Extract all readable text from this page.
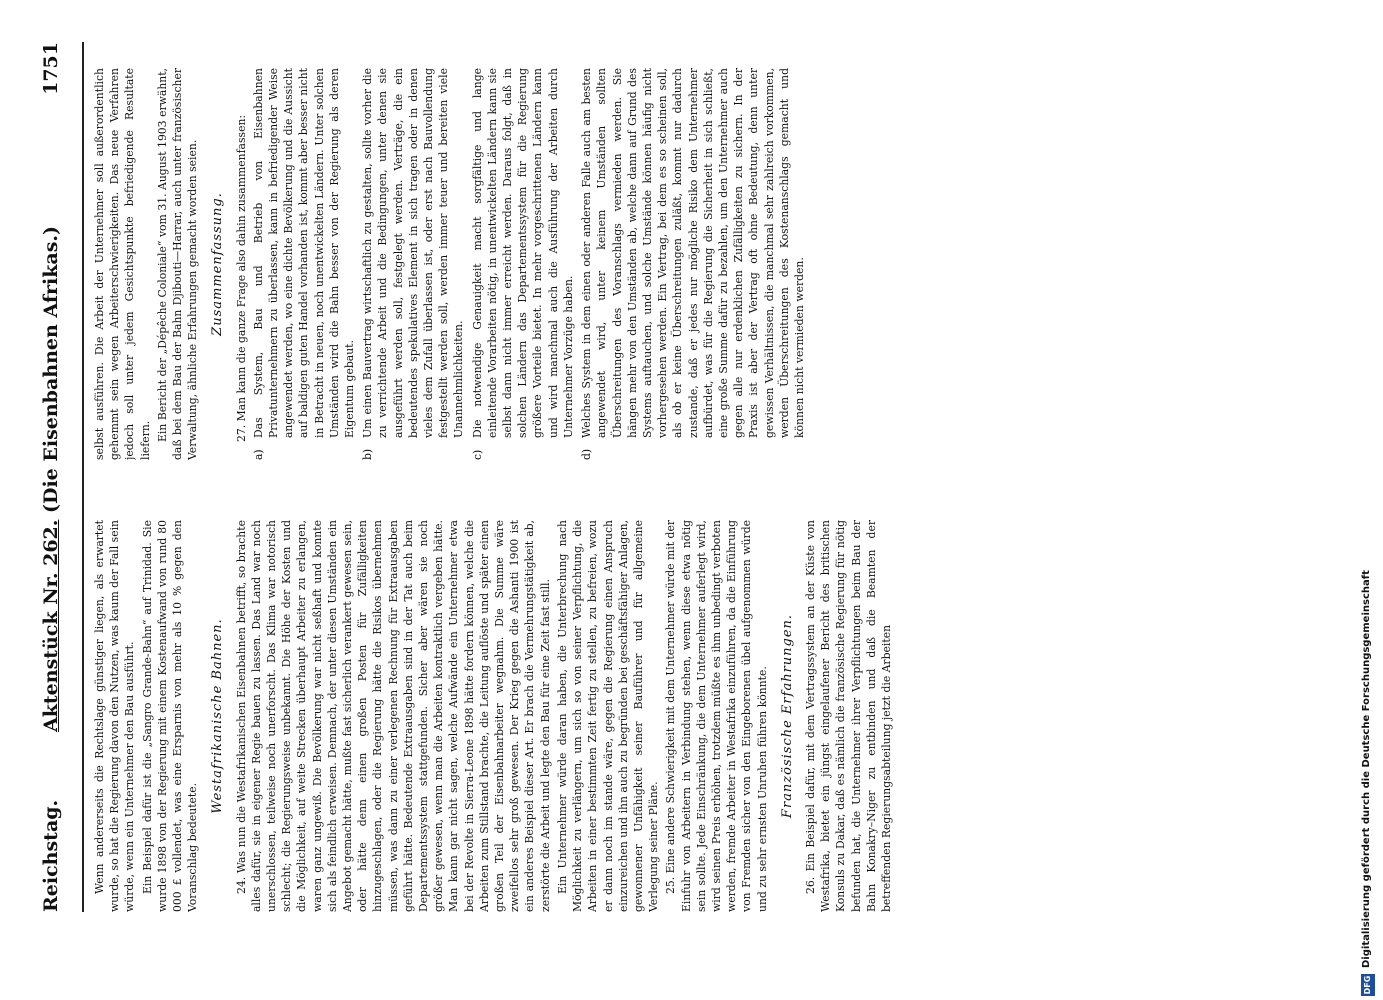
Reichstag.
Aktenstück Nr. 262. (Die Eisenbahnen Afrikas.)
1751

Wenn andererseits die Rechtslage günstiger liegen, als erwartet wurde, so hat die Regierung davon den Nutzen, was kaum der Fall sein würde, wenn ein Unternehmer den Bau ausführt. Ein Beispiel dafür ist die „Sangro Grande-Bahn“ auf Trinidad. Sie wurde 1898 von der Regierung mit einem Kostenaufwand von rund 80 000 £ vollendet, was eine Ersparnis von mehr als 10 % gegen den Voranschlag bedeutete.

Westafrikanische Bahnen. 24. Was nun die Westafrikanischen Eisenbahnen betrifft, so brachte alles dafür, sie in eigener Regie bauen zu lassen. Das Land war noch unerschlossen, teilweise noch unerforscht. Das Klima war notorisch schlecht; die Regierungsweise unbekannt. Die Höhe der Kosten und die Möglichkeit, auf weite Strecken überhaupt Arbeiter zu erlangen, waren ganz ungewiß. Die Bevölkerung war nicht seßhaft und konnte sich als feindlich erweisen. Demnach, der unter diesen Umständen ein Angebot gemacht hätte, mußte fast sicherlich verankert gewesen sein, oder hätte denn einen großen Posten für Zufälligkeiten hinzugeschlagen, oder die Regierung hätte die Risikos übernehmen müssen, was dann zu einer verlegenen Rechnung für Extraausgaben geführt hätte. Bedeutende Extraausgaben sind in der Tat auch beim Departementssystem stattgefunden. Sicher aber wären sie noch größer gewesen, wenn man die Arbeiten kontraktlich vergeben hätte. Man kann gar nicht sagen, welche Aufwände ein Unternehmer etwa bei der Revolte in Sierra-Leone 1898 hätte fordern können, welche die Arbeiten zum Stillstand brachte, die Leitung auflöste und später einen großen Teil der Eisenbahnarbeiter wegnahm. Die Summe wäre zweifellos sehr groß gewesen. Der Krieg gegen die Ashanti 1900 ist ein anderes Beispiel dieser Art. Er brach die Vermehrungstätigkeit ab, zerstörte die Arbeit und legte den Bau für eine Zeit fast still. Ein Unternehmer würde daran haben, die Unterbrechung nach Möglichkeit zu verlängern, um sich so von seiner Verpflichtung, die Arbeiten in einer bestimmten Zeit fertig zu stellen, zu befreien, wozu er dann noch im stande wäre, gegen die Regierung einen Anspruch einzureichen und ihn auch zu begründen bei geschäftsfähiger Anlagen, gewonnener Unfähigkeit seiner Bauführer und für allgemeine Verlegung seiner Pläne. 25. Eine andere Schwierigkeit mit dem Unternehmer würde mit der Einfuhr von Arbeitern in Verbindung stehen, wenn diese etwa nötig sein sollte. Jede Einschränkung, die dem Unternehmer auferlegt wird, wird seinen Preis erhöhen, trotzdem müßte es ihm unbedingt verboten werden, fremde Arbeiter in Westafrika einzuführen, da die Einführung von Fremden sicher von den Eingeborenen übel aufgenommen würde und zu sehr ernsten Unruhen führen könnte. Französische Erfahrungen. 26. Ein Beispiel dafür, mit dem Vertragssystem an der Küste von Westafrika, bietet ein jüngst eingelaufener Bericht des britischen Konsuls zu Dakar, daß es nämlich die französische Regierung für nötig befunden hat, die Unternehmer ihrer Verpflichtungen beim Bau der Bahn Konakry–Niger zu entbinden und daß die Beamten der betreffenden Regierungsabteilung jetzt die Arbeiten

selbst ausführen. Die Arbeit der Unternehmer soll außerordentlich gehemmt sein wegen Arbeiterschwierigkeiten. Das neue Verfahren jedoch soll unter jedem Gesichtspunkte befriedigende Resultate liefern. Ein Bericht der „Dépêche Coloniale“ vom 31. August 1903 erwähnt, daß bei dem Bau der Bahn Djibouti—Harrar, auch unter französischer Verwaltung, ähnliche Erfahrungen gemacht worden seien. Zusammenfassung. 27. Man kann die ganze Frage also dahin zusammenfassen:

a)
Das System, Bau und Betrieb von Eisenbahnen Privatunternehmern zu überlassen, kann in befriedigender Weise angewendet werden, wo eine dichte Bevölkerung und die Aussicht auf baldigen guten Handel vorhanden ist, kommt aber besser nicht in Betracht in neuen, noch unentwickelten Ländern. Unter solchen Umständen wird die Bahn besser von der Regierung als deren Eigentum gebaut.
b)
Um einen Bauvertrag wirtschaftlich zu gestalten, sollte vorher die zu verrichtende Arbeit und die Bedingungen, unter denen sie ausgeführt werden soll, festgelegt werden. Verträge, die ein bedeutendes spekulatives Element in sich tragen oder in denen vieles dem Zufall überlassen ist, oder erst nach Bauvollendung festgestellt werden soll, werden immer teuer und bereiten viele Unannehmlichkeiten.
c)
Die notwendige Genauigkeit macht sorgfältige und lange einleitende Vorarbeiten nötig, in unentwickelten Ländern kann sie selbst dann nicht immer erreicht werden. Daraus folgt, daß in solchen Ländern das Departementssystem für die Regierung größere Vorteile bietet. In mehr vorgeschrittenen Ländern kann und wird manchmal auch die Ausführung der Arbeiten durch Unternehmer Vorzüge haben.
d)
Welches System in dem einen oder anderen Falle auch am besten angewendet wird, unter keinem Umständen sollten Überschreitungen des Voranschlags vermieden werden. Sie hängen mehr von den Umständen ab, welche dann auf Grund des Systems auftauchen, und solche Umstände können häufig nicht vorhergesehen werden. Ein Vertrag, bei dem es so scheinen soll, als ob er keine Überschreitungen zuläßt, kommt nur dadurch zustande, daß er jedes nur mögliche Risiko dem Unternehmer aufbürdet, was für die Regierung die Sicherheit in sich schließt, eine große Summe dafür zu bezahlen, um den Unternehmer auch gegen alle nur erdenklichen Zufälligkeiten zu sichern. In der Praxis ist aber der Vertrag oft ohne Bedeutung, denn unter gewissen Verhältnissen, die manchmal sehr zahlreich vorkommen, werden Überschreitungen des Kostenanschlags gemacht und können nicht vermieden werden.
DFG
Digitalisierung gefördert durch die Deutsche Forschungsgemeinschaft
